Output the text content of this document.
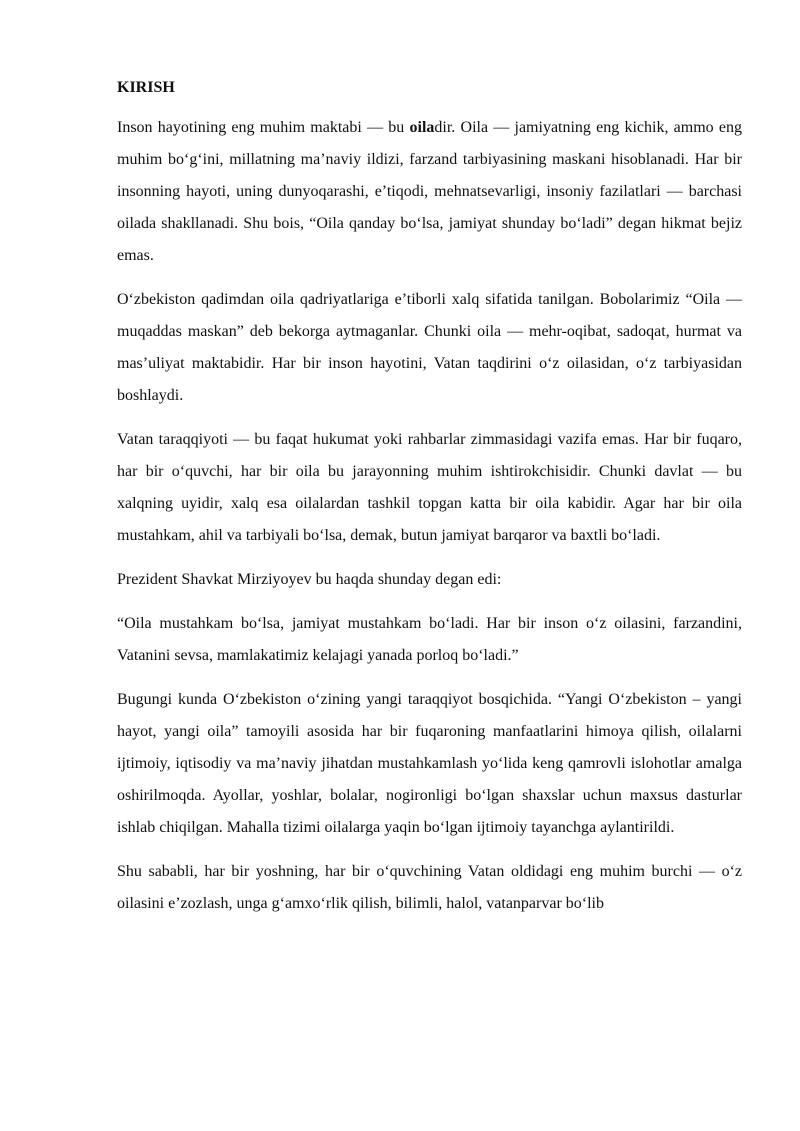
KIRISH

Inson hayotining eng muhim maktabi — bu oiladir. Oila — jamiyatning eng kichik, ammo eng muhim bo‘g‘ini, millatning ma’naviy ildizi, farzand tarbiyasining maskani hisoblanadi. Har bir insonning hayoti, uning dunyoqarashi, e’tiqodi, mehnatsevarligi, insoniy fazilatlari — barchasi oilada shakllanadi. Shu bois, “Oila qanday bo‘lsa, jamiyat shunday bo‘ladi” degan hikmat bejiz emas.

O‘zbekiston qadimdan oila qadriyatlariga e’tiborli xalq sifatida tanilgan. Bobolarimiz “Oila — muqaddas maskan” deb bekorga aytmaganlar. Chunki oila — mehr-oqibat, sadoqat, hurmat va mas’uliyat maktabidir. Har bir inson hayotini, Vatan taqdirini o‘z oilasidan, o‘z tarbiyasidan boshlaydi.

Vatan taraqqiyoti — bu faqat hukumat yoki rahbarlar zimmasidagi vazifa emas. Har bir fuqaro, har bir o‘quvchi, har bir oila bu jarayonning muhim ishtirokchisidir. Chunki davlat — bu xalqning uyidir, xalq esa oilalardan tashkil topgan katta bir oila kabidir. Agar har bir oila mustahkam, ahil va tarbiyali bo‘lsa, demak, butun jamiyat barqaror va baxtli bo‘ladi.

Prezident Shavkat Mirziyoyev bu haqda shunday degan edi:

“Oila mustahkam bo‘lsa, jamiyat mustahkam bo‘ladi. Har bir inson o‘z oilasini, farzandini, Vatanini sevsa, mamlakatimiz kelajagi yanada porloq bo‘ladi.”

Bugungi kunda O‘zbekiston o‘zining yangi taraqqiyot bosqichida. “Yangi O‘zbekiston – yangi hayot, yangi oila” tamoyili asosida har bir fuqaroning manfaatlarini himoya qilish, oilalarni ijtimoiy, iqtisodiy va ma’naviy jihatdan mustahkamlash yo‘lida keng qamrovli islohotlar amalga oshirilmoqda. Ayollar, yoshlar, bolalar, nogironligi bo‘lgan shaxslar uchun maxsus dasturlar ishlab chiqilgan. Mahalla tizimi oilalarga yaqin bo‘lgan ijtimoiy tayanchga aylantirildi.

Shu sababli, har bir yoshning, har bir o‘quvchining Vatan oldidagi eng muhim burchi — o‘z oilasini e’zozlash, unga g‘amxo‘rlik qilish, bilimli, halol, vatanparvar bo‘lib
